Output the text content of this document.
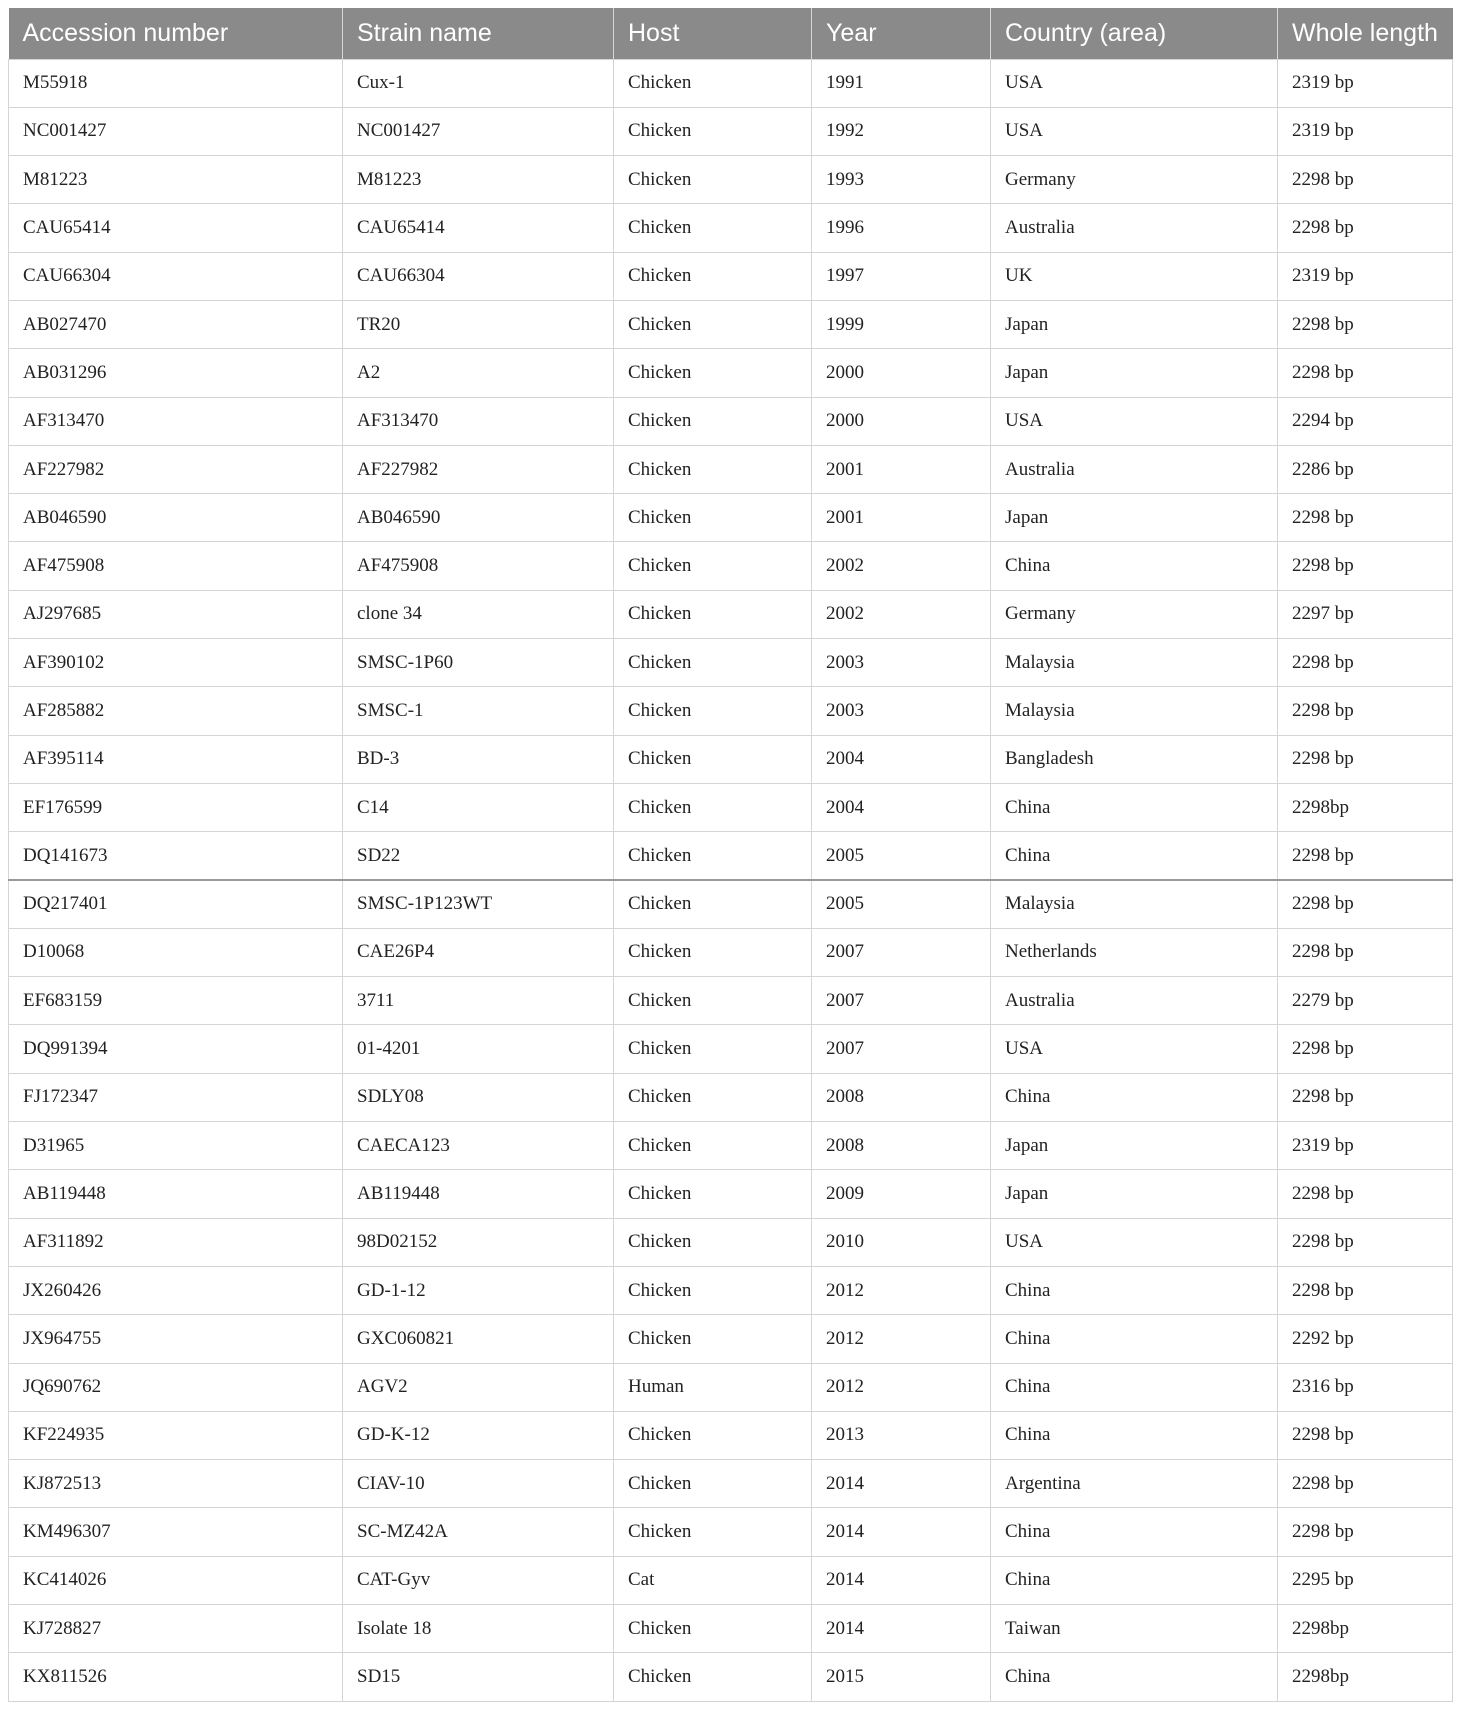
Accession number	Strain name	Host	Year	Country (area)	Whole length
M55918	Cux-1	Chicken	1991	USA	2319 bp
NC001427	NC001427	Chicken	1992	USA	2319 bp
M81223	M81223	Chicken	1993	Germany	2298 bp
CAU65414	CAU65414	Chicken	1996	Australia	2298 bp
CAU66304	CAU66304	Chicken	1997	UK	2319 bp
AB027470	TR20	Chicken	1999	Japan	2298 bp
AB031296	A2	Chicken	2000	Japan	2298 bp
AF313470	AF313470	Chicken	2000	USA	2294 bp
AF227982	AF227982	Chicken	2001	Australia	2286 bp
AB046590	AB046590	Chicken	2001	Japan	2298 bp
AF475908	AF475908	Chicken	2002	China	2298 bp
AJ297685	clone 34	Chicken	2002	Germany	2297 bp
AF390102	SMSC-1P60	Chicken	2003	Malaysia	2298 bp
AF285882	SMSC-1	Chicken	2003	Malaysia	2298 bp
AF395114	BD-3	Chicken	2004	Bangladesh	2298 bp
EF176599	C14	Chicken	2004	China	2298bp
DQ141673	SD22	Chicken	2005	China	2298 bp
DQ217401	SMSC-1P123WT	Chicken	2005	Malaysia	2298 bp
D10068	CAE26P4	Chicken	2007	Netherlands	2298 bp
EF683159	3711	Chicken	2007	Australia	2279 bp
DQ991394	01-4201	Chicken	2007	USA	2298 bp
FJ172347	SDLY08	Chicken	2008	China	2298 bp
D31965	CAECA123	Chicken	2008	Japan	2319 bp
AB119448	AB119448	Chicken	2009	Japan	2298 bp
AF311892	98D02152	Chicken	2010	USA	2298 bp
JX260426	GD-1-12	Chicken	2012	China	2298 bp
JX964755	GXC060821	Chicken	2012	China	2292 bp
JQ690762	AGV2	Human	2012	China	2316 bp
KF224935	GD-K-12	Chicken	2013	China	2298 bp
KJ872513	CIAV-10	Chicken	2014	Argentina	2298 bp
KM496307	SC-MZ42A	Chicken	2014	China	2298 bp
KC414026	CAT-Gyv	Cat	2014	China	2295 bp
KJ728827	Isolate 18	Chicken	2014	Taiwan	2298bp
KX811526	SD15	Chicken	2015	China	2298bp
